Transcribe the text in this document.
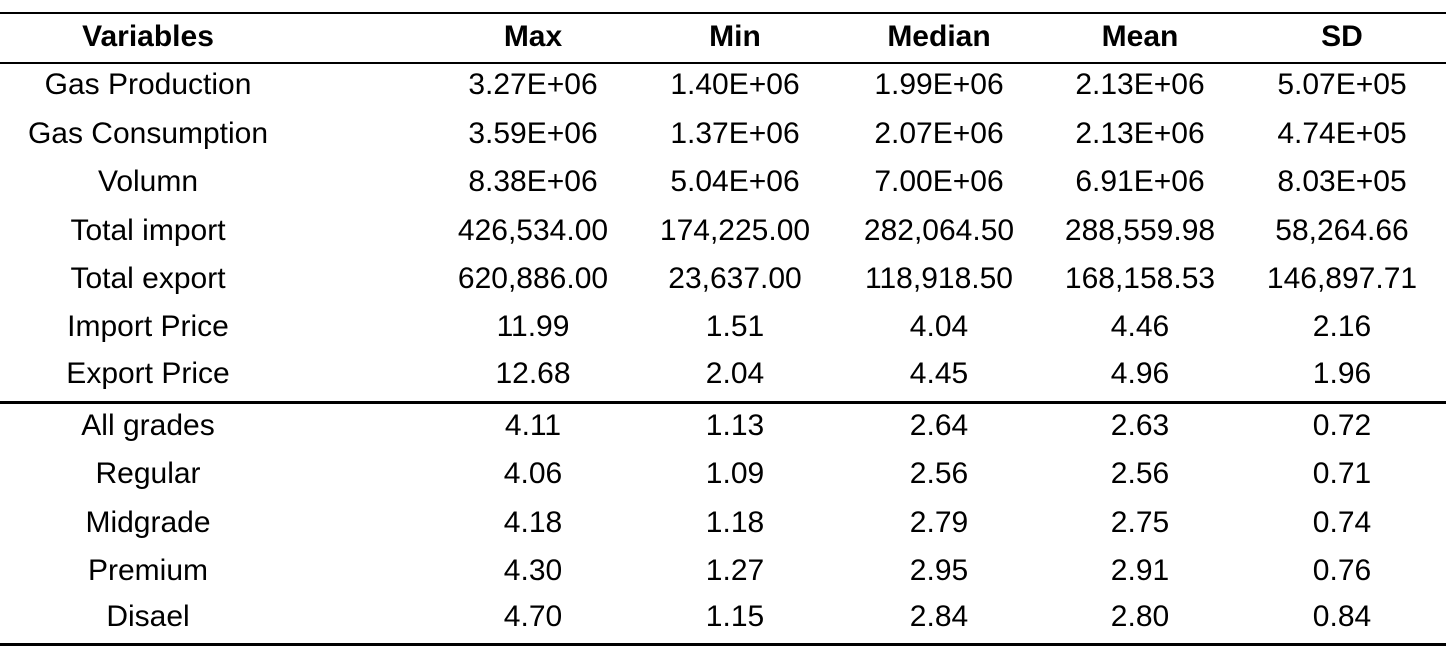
Variables	Max	Min	Median	Mean	SD
Gas Production	3.27E+06 1.40E+06 1.99E+06 2.13E+06 5.07E+05
Gas Consumption	3.59E+06 1.37E+06 2.07E+06 2.13E+06 4.74E+05
Volumn	8.38E+06 5.04E+06 7.00E+06 6.91E+06 8.03E+05
Total import	426,534.00 174,225.00 282,064.50 288,559.98 58,264.66
Total export	620,886.00 23,637.00 118,918.50 168,158.53 146,897.71
Import Price	11.99	1.51	4.04	4.46	2.16
Export Price	12.68	2.04	4.45	4.96	1.96
All grades	4.11	1.13	2.64	2.63	0.72
Regular	4.06	1.09	2.56	2.56	0.71
Midgrade	4.18	1.18	2.79	2.75	0.74
Premium	4.30	1.27	2.95	2.91	0.76
Disael	4.70	1.15	2.84	2.80	0.84
